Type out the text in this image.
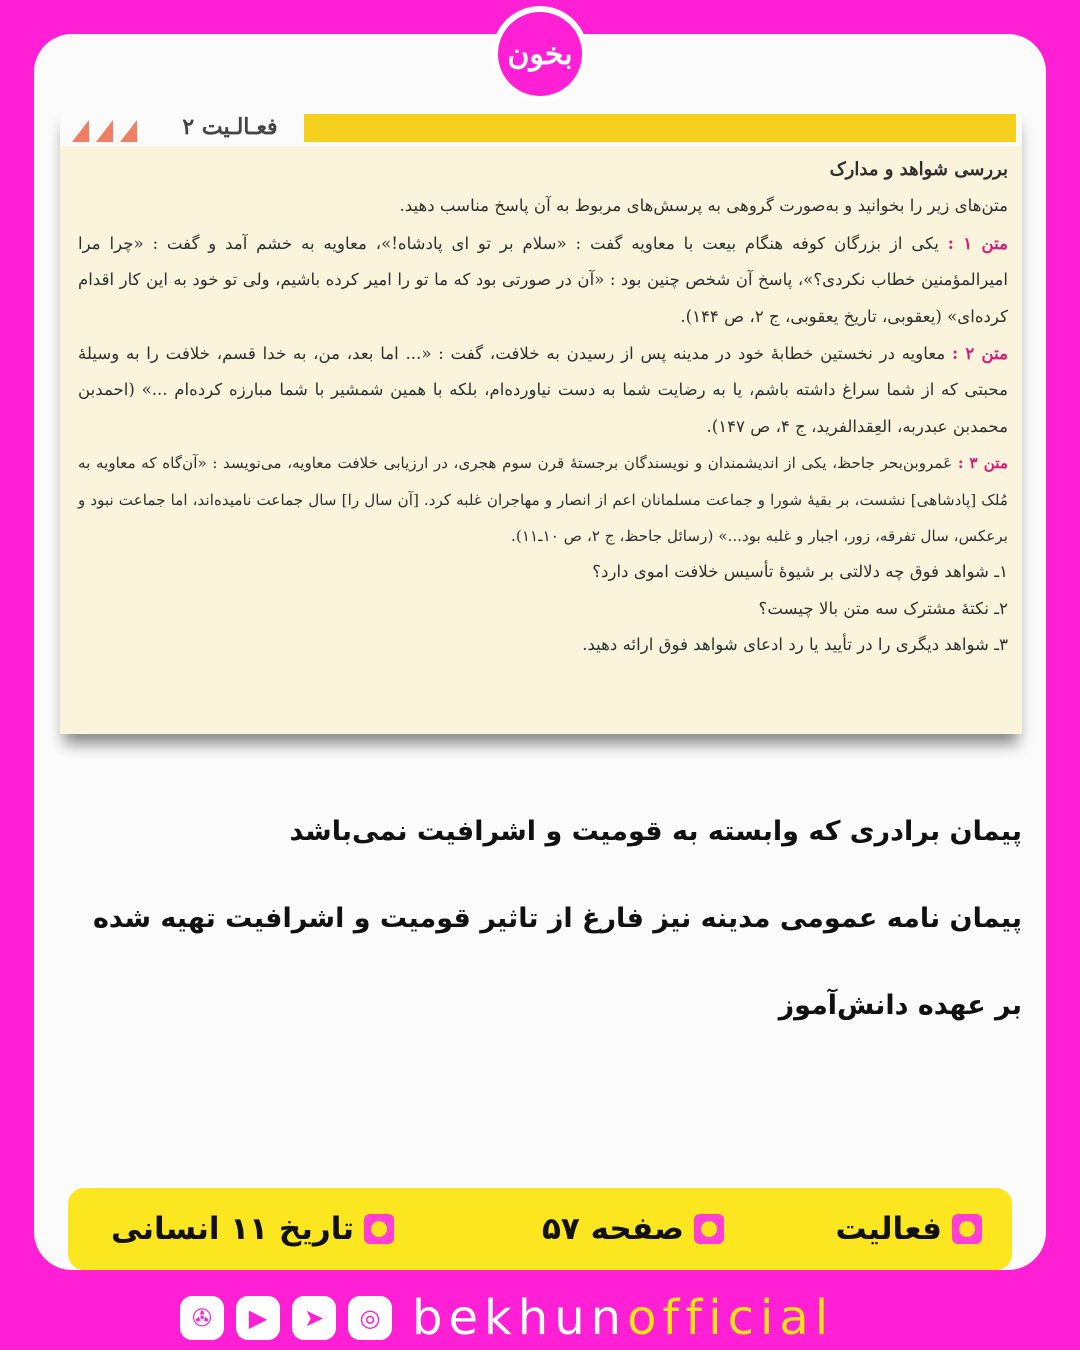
بخون
فعـالـیت ۲

بررسی شواهد و مدارک

متن‌های زیر را بخوانید و به‌صورت گروهی به پرسش‌های مربوط به آن پاسخ مناسب دهید.

متن ۱ : یکی از بزرگان کوفه هنگام بیعت با معاویه گفت : «سلام بر تو ای پادشاه!»، معاویه به خشم آمد و گفت : «چرا مرا امیرالمؤمنین خطاب نکردی؟»، پاسخ آن شخص چنین بود : «آن در صورتی بود که ما تو را امیر کرده باشیم، ولی تو خود به این کار اقدام کرده‌ای» (یعقوبی، تاریخ یعقوبی، ج ۲، ص ۱۴۴).

متن ۲ : معاویه در نخستین خطابهٔ خود در مدینه پس از رسیدن به خلافت، گفت : «... اما بعد، من، به خدا قسم، خلافت را به وسیلهٔ محبتی که از شما سراغ داشته باشم، یا به رضایت شما به دست نیاورده‌ام، بلکه با همین شمشیر با شما مبارزه کرده‌ام ...» (احمدبن محمدبن عبدربه، العِقدالفرید، ج ۴، ص ۱۴۷).

متن ۳ : عَمروبن‌بحر جاحظ، یکی از اندیشمندان و نویسندگان برجستهٔ قرن سوم هجری، در ارزیابی خلافت معاویه، می‌نویسد : «آن‌گاه که معاویه به مُلک [پادشاهی] نشست، بر بقیهٔ شورا و جماعت مسلمانان اعم از انصار و مهاجران غلبه کرد. [آن سال را] سال جماعت نامیده‌اند، اما جماعت نبود و برعکس، سال تفرقه، زور، اجبار و غلبه بود...» (رسائل جاحظ، ج ۲، ص ۱۰ـ۱۱).

۱ـ شواهد فوق چه دلالتی بر شیوهٔ تأسیس خلافت اموی دارد؟

۲ـ نکتهٔ مشترک سه متن بالا چیست؟

۳ـ شواهد دیگری را در تأیید یا رد ادعای شواهد فوق ارائه دهید.

پیمان برادری که وابسته به قومیت و اشرافیت نمی‌باشد

پیمان نامه عمومی مدینه نیز فارغ از تاثیر قومیت و اشرافیت تهیه شده

بر عهده دانش‌آموز

فعالیت
صفحه ۵۷
تاریخ ۱۱ انسانی
✇	▶	➤	◎ bekhunofficial
